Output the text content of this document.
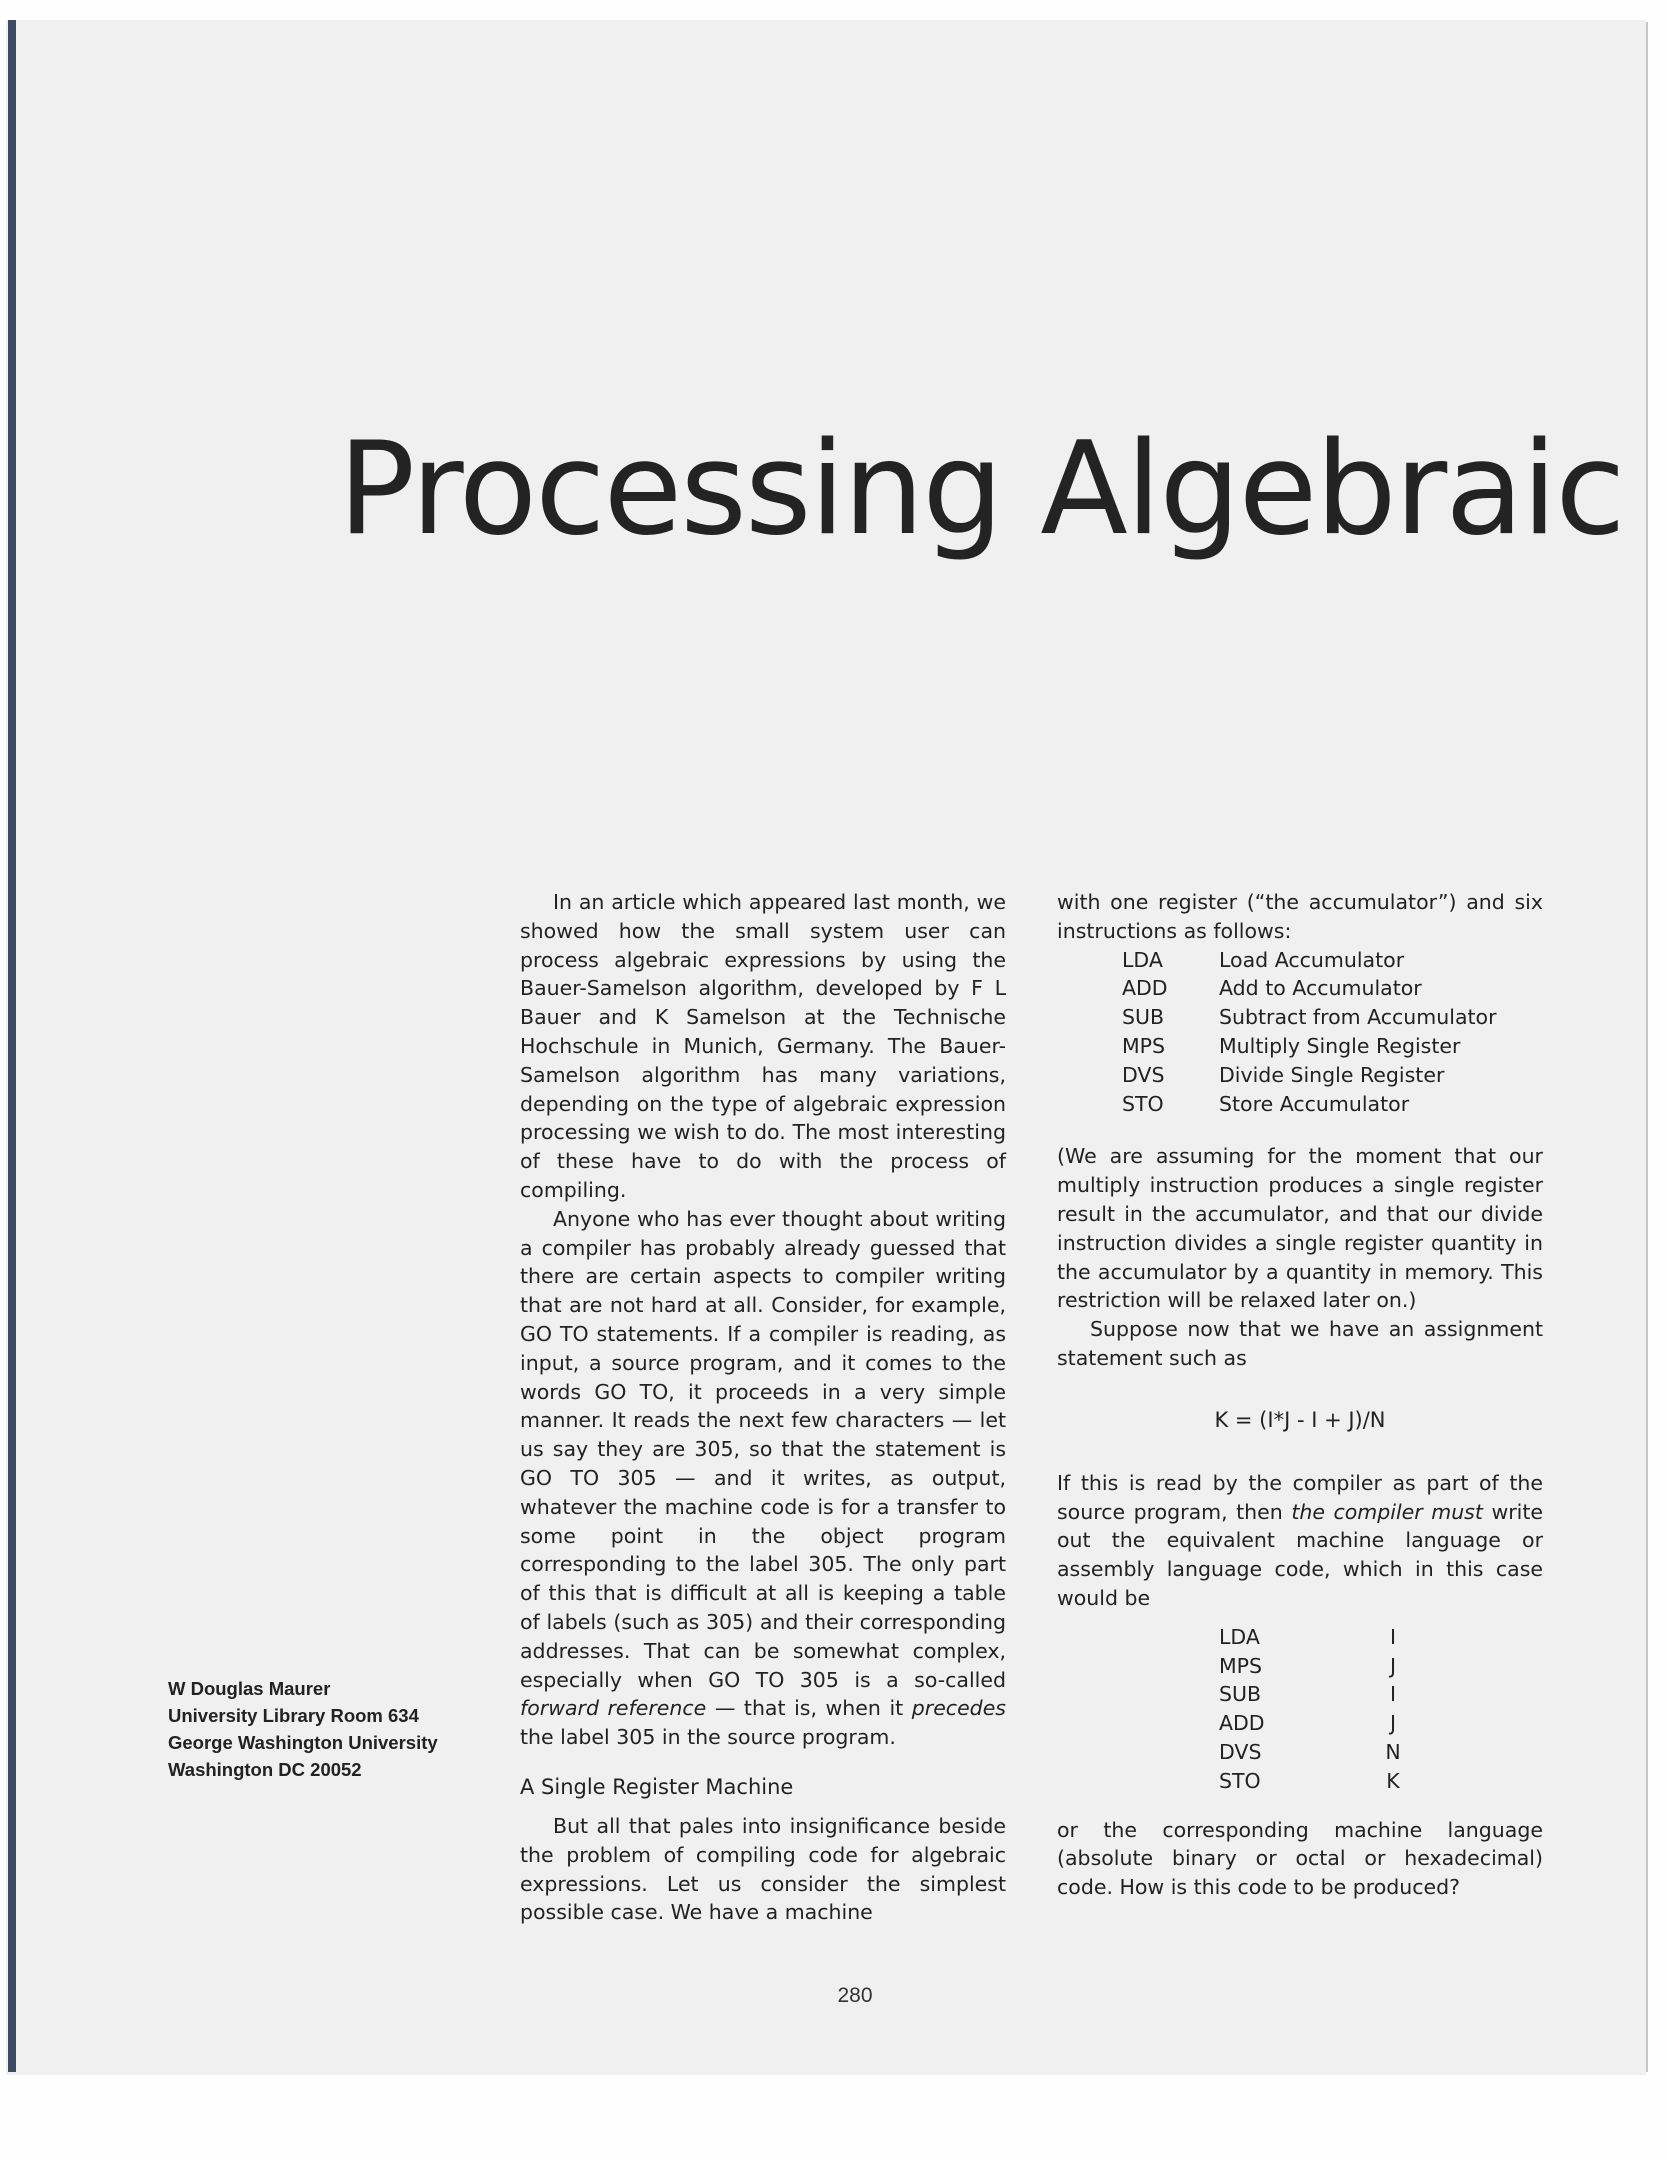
Processing Algebraic
W Douglas Maurer
University Library Room 634
George Washington University
Washington DC 20052

In an article which appeared last month, we showed how the small system user can process algebraic expressions by using the Bauer-Samelson algorithm, developed by F L Bauer and K Samelson at the Technische Hochschule in Munich, Germany. The Bauer-Samelson algorithm has many variations, depending on the type of algebraic expression processing we wish to do. The most interesting of these have to do with the process of compiling.

Anyone who has ever thought about writing a compiler has probably already guessed that there are certain aspects to compiler writing that are not hard at all. Consider, for example, GO TO statements. If a compiler is reading, as input, a source program, and it comes to the words GO TO, it proceeds in a very simple manner. It reads the next few characters — let us say they are 305, so that the statement is GO TO 305 — and it writes, as output, whatever the machine code is for a transfer to some point in the object program corresponding to the label 305. The only part of this that is difficult at all is keeping a table of labels (such as 305) and their corresponding addresses. That can be somewhat complex, especially when GO TO 305 is a so-called forward reference — that is, when it precedes the label 305 in the source program.

A Single Register Machine

But all that pales into insignificance beside the problem of compiling code for algebraic expressions. Let us consider the simplest possible case. We have a machine

with one register (“the accumulator”) and six instructions as follows:

LDA	Load Accumulator
ADD	Add to Accumulator
SUB	Subtract from Accumulator
MPS	Multiply Single Register
DVS	Divide Single Register
STO	Store Accumulator

(We are assuming for the moment that our multiply instruction produces a single register result in the accumulator, and that our divide instruction divides a single register quantity in the accumulator by a quantity in memory. This restriction will be relaxed later on.)

Suppose now that we have an assignment statement such as

K = (I*J - I + J)/N

If this is read by the compiler as part of the source program, then the compiler must write out the equivalent machine language or assembly language code, which in this case would be

LDA	I
MPS	J
SUB	I
ADD	J
DVS	N
STO	K

or the corresponding machine language (absolute binary or octal or hexadecimal) code. How is this code to be produced?

280
